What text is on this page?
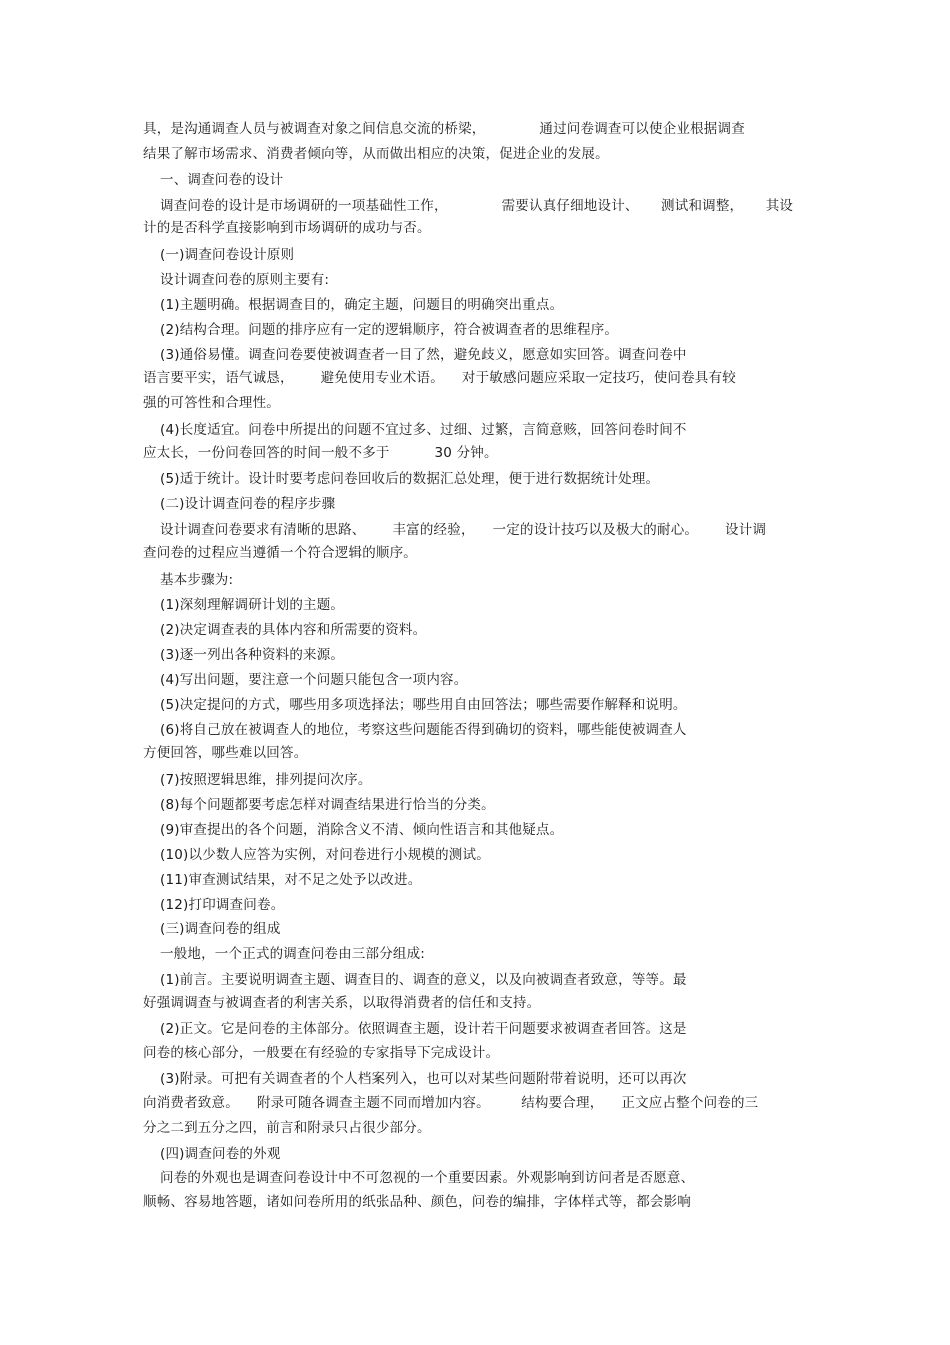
具，是沟通调查人员与被调查对象之间信息交流的桥梁，            通过问卷调查可以使企业根据调查
结果了解市场需求、消费者倾向等，从而做出相应的决策，促进企业的发展。
一、调查问卷的设计
调查问卷的设计是市场调研的一项基础性工作，            需要认真仔细地设计、     测试和调整，     其设
计的是否科学直接影响到市场调研的成功与否。
(一)调查问卷设计原则
设计调查问卷的原则主要有:
(1)主题明确。根据调查目的，确定主题，问题目的明确突出重点。
(2)结构合理。问题的排序应有一定的逻辑顺序，符合被调查者的思维程序。
(3)通俗易懂。调查问卷要使被调查者一目了然，避免歧义，愿意如实回答。调查问卷中
语言要平实，语气诚恳，      避免使用专业术语。    对于敏感问题应采取一定技巧，使问卷具有较
强的可答性和合理性。
(4)长度适宜。问卷中所提出的问题不宜过多、过细、过繁，言简意赅，回答问卷时间不
应太长，一份问卷回答的时间一般不多于          30 分钟。
(5)适于统计。设计时要考虑问卷回收后的数据汇总处理，便于进行数据统计处理。
(二)设计调查问卷的程序步骤
设计调查问卷要求有清晰的思路、      丰富的经验，    一定的设计技巧以及极大的耐心。      设计调
查问卷的过程应当遵循一个符合逻辑的顺序。
基本步骤为:
(1)深刻理解调研计划的主题。
(2)决定调查表的具体内容和所需要的资料。
(3)逐一列出各种资料的来源。
(4)写出问题，要注意一个问题只能包含一项内容。
(5)决定提问的方式，哪些用多项选择法；哪些用自由回答法；哪些需要作解释和说明。
(6)将自己放在被调查人的地位，考察这些问题能否得到确切的资料，哪些能使被调查人
方便回答，哪些难以回答。
(7)按照逻辑思维，排列提问次序。
(8)每个问题都要考虑怎样对调查结果进行恰当的分类。
(9)审查提出的各个问题，消除含义不清、倾向性语言和其他疑点。
(10)以少数人应答为实例，对问卷进行小规模的测试。
(11)审查测试结果，对不足之处予以改进。
(12)打印调查问卷。
(三)调查问卷的组成
一般地，一个正式的调查问卷由三部分组成:
(1)前言。主要说明调查主题、调查目的、调查的意义，以及向被调查者致意，等等。最
好强调调查与被调查者的利害关系，以取得消费者的信任和支持。
(2)正文。它是问卷的主体部分。依照调查主题，设计若干问题要求被调查者回答。这是
问卷的核心部分，一般要在有经验的专家指导下完成设计。
(3)附录。可把有关调查者的个人档案列入，也可以对某些问题附带着说明，还可以再次
向消费者致意。    附录可随各调查主题不同而增加内容。       结构要合理，    正文应占整个问卷的三
分之二到五分之四，前言和附录只占很少部分。
(四)调查问卷的外观
问卷的外观也是调查问卷设计中不可忽视的一个重要因素。外观影响到访问者是否愿意、
顺畅、容易地答题，诸如问卷所用的纸张品种、颜色，问卷的编排，字体样式等，都会影响
